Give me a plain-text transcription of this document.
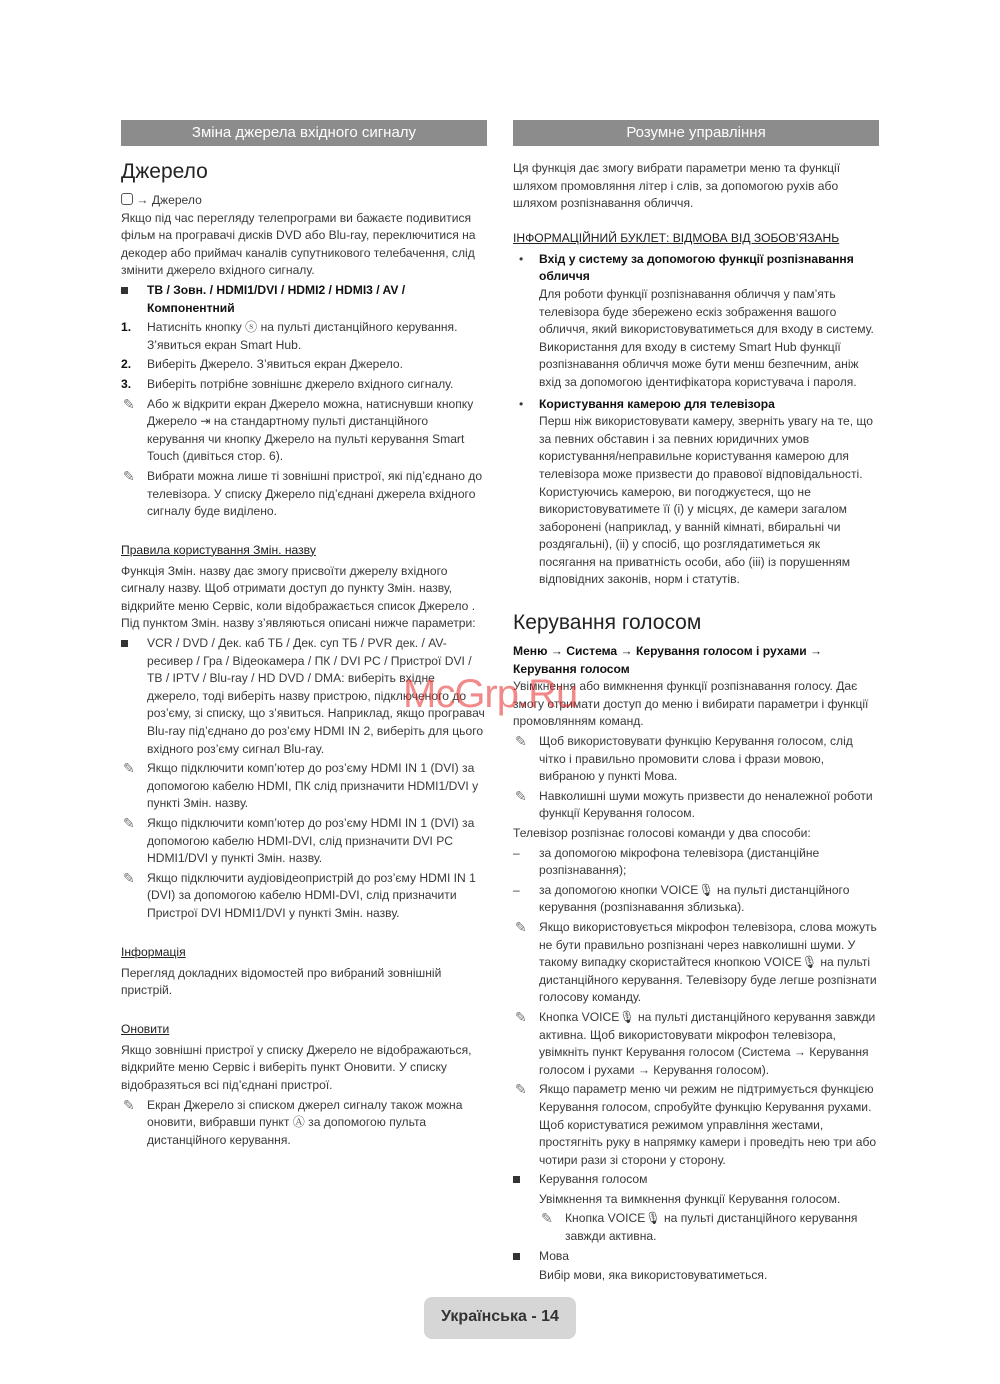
Зміна джерела вхідного сигналу
Джерело

→ Джерело

Якщо під час перегляду телепрограми ви бажаєте подивитися фільм на програвачі дисків DVD або Blu-ray, переключитися на декодер або приймач каналів супутникового телебачення, слід змінити джерело вхідного сигналу.

ТВ / Зовн. / HDMI1/DVI / HDMI2 / HDMI3 / AV / Компонентний
1.	Натисніть кнопку ⓢ на пульті дистанційного керування. З’явиться екран Smart Hub.
2.	Виберіть Джерело. З’явиться екран Джерело.
3.	Виберіть потрібне зовнішнє джерело вхідного сигналу.
✎ Або ж відкрити екран Джерело можна, натиснувши кнопку Джерело ⇥ на стандартному пульті дистанційного керування чи кнопку Джерело на пульті керування Smart Touch (дивіться стор. 6).
✎ Вибрати можна лише ті зовнішні пристрої, які під’єднано до телевізора. У списку Джерело під’єднані джерела вхідного сигналу буде виділено.
Правила користування Змін. назву

Функція Змін. назву дає змогу присвоїти джерелу вхідного сигналу назву. Щоб отримати доступ до пункту Змін. назву, відкрийте меню Сервіс, коли відображається список Джерело . Під пунктом Змін. назву з’являються описані нижче параметри:

VCR / DVD / Дек. каб ТБ / Дек. суп ТБ / PVR дек. / AV-ресивер / Гра / Відеокамера / ПК / DVI PC / Пристрої DVI / ТВ / IPTV / Blu-ray / HD DVD / DMA: виберіть вхідне джерело, тоді виберіть назву пристрою, підключеного до роз’єму, зі списку, що з’явиться. Наприклад, якщо програвач Blu-ray під’єднано до роз’єму HDMI IN 2, виберіть для цього вхідного роз’єму сигнал Blu-ray.
✎ Якщо підключити комп’ютер до роз’єму HDMI IN 1 (DVI) за допомогою кабелю HDMI, ПК слід призначити HDMI1/DVI у пункті Змін. назву.
✎ Якщо підключити комп’ютер до роз’єму HDMI IN 1 (DVI) за допомогою кабелю HDMI-DVI, слід призначити DVI PC HDMI1/DVI у пункті Змін. назву.
✎ Якщо підключити аудіовідеопристрій до роз’єму HDMI IN 1 (DVI) за допомогою кабелю HDMI-DVI, слід призначити Пристрої DVI HDMI1/DVI у пункті Змін. назву.
Інформація

Перегляд докладних відомостей про вибраний зовнішній пристрій.

Оновити

Якщо зовнішні пристрої у списку Джерело не відображаються, відкрийте меню Сервіс і виберіть пункт Оновити. У списку відобразяться всі під’єднані пристрої.

✎ Екран Джерело зі списком джерел сигналу також можна оновити, вибравши пункт Ⓐ за допомогою пульта дистанційного керування.
Розумне управління

Ця функція дає змогу вибрати параметри меню та функції шляхом промовляння літер і слів, за допомогою рухів або шляхом розпізнавання обличчя.

ІНФОРМАЦІЙНИЙ БУКЛЕТ: ВІДМОВА ВІД ЗОБОВ’ЯЗАНЬ
• Вхід у систему за допомогою функції розпізнавання обличчя

Для роботи функції розпізнавання обличчя у пам’ять телевізора буде збережено ескіз зображення вашого обличчя, який використовуватиметься для входу в систему.

Використання для входу в систему Smart Hub функції розпізнавання обличчя може бути менш безпечним, аніж вхід за допомогою ідентифікатора користувача і пароля.

• Користування камерою для телевізора

Перш ніж використовувати камеру, зверніть увагу на те, що за певних обставин і за певних юридичних умов користування/неправильне користування камерою для телевізора може призвести до правової відповідальності. Користуючись камерою, ви погоджуєтеся, що не використовуватимете її (i) у місцях, де камери загалом заборонені (наприклад, у ванній кімнаті, вбиральні чи роздягальні), (ii) у спосіб, що розглядатиметься як посягання на приватність особи, або (iii) із порушенням відповідних законів, норм і статутів.

Керування голосом

Меню → Система → Керування голосом і рухами → Керування голосом

Увімкнення або вимкнення функції розпізнавання голосу. Дає змогу отримати доступ до меню і вибирати параметри і функції промовлянням команд.

✎ Щоб використовувати функцію Керування голосом, слід чітко і правильно промовити слова і фрази мовою, вибраною у пункті Мова.
✎ Навколишні шуми можуть призвести до неналежної роботи функції Керування голосом.

Телевізор розпізнає голосові команди у два способи:

–	за допомогою мікрофона телевізора (дистанційне розпізнавання);
–	за допомогою кнопки VOICE🎙 на пульті дистанційного керування (розпізнавання зблизька).
✎ Якщо використовується мікрофон телевізора, слова можуть не бути правильно розпізнані через навколишні шуми. У такому випадку скористайтеся кнопкою VOICE🎙 на пульті дистанційного керування. Телевізору буде легше розпізнати голосову команду.
✎ Кнопка VOICE🎙 на пульті дистанційного керування завжди активна. Щоб використовувати мікрофон телевізора, увімкніть пункт Керування голосом (Система → Керування голосом і рухами → Керування голосом).
✎ Якщо параметр меню чи режим не підтримується функцією Керування голосом, спробуйте функцію Керування рухами. Щоб користуватися режимом управління жестами, простягніть руку в напрямку камери і проведіть нею три або чотири рази зі сторони у сторону.
Керування голосом

Увімкнення та вимкнення функції Керування голосом.

✎ Кнопка VOICE🎙 на пульті дистанційного керування завжди активна.
Мова

Вибір мови, яка використовуватиметься.

McGrp.Ru
Українська - 14
